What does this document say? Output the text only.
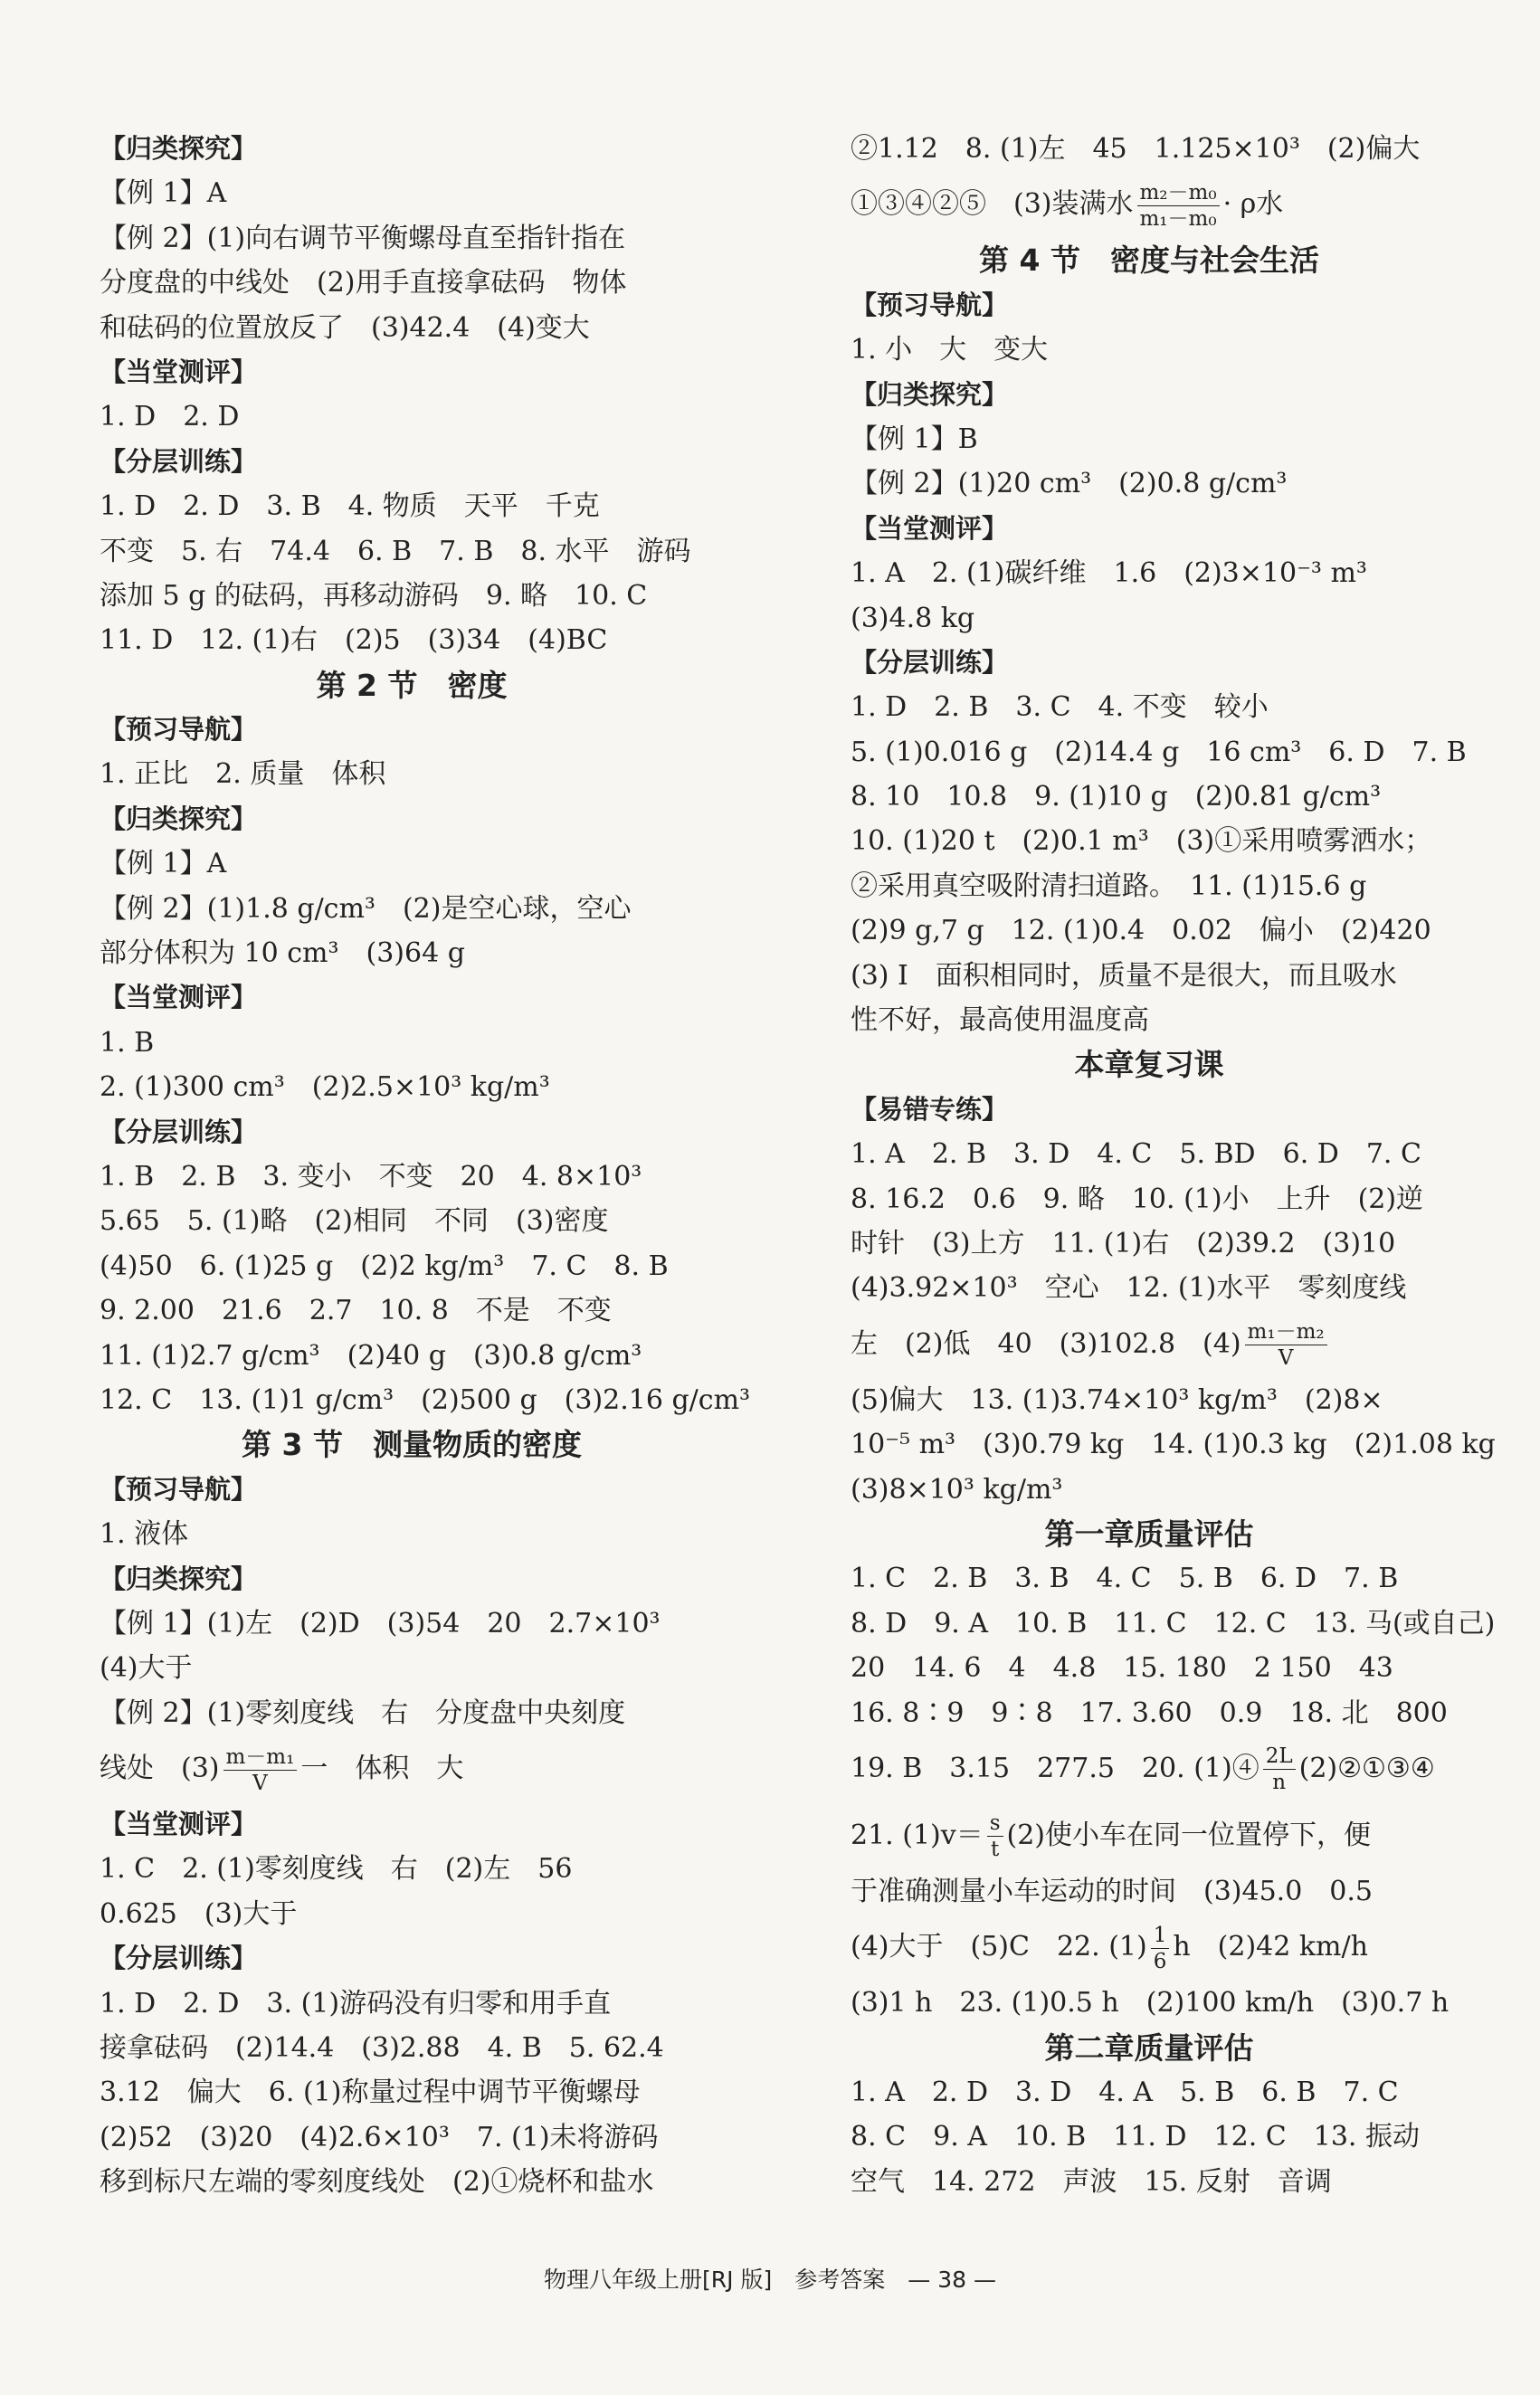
【归类探究】
【例 1】A
【例 2】(1)向右调节平衡螺母直至指针指在
分度盘的中线处　(2)用手直接拿砝码　物体
和砝码的位置放反了　(3)42.4　(4)变大
【当堂测评】
1. D　2. D
【分层训练】
1. D　2. D　3. B　4. 物质　天平　千克
不变　5. 右　74.4　6. B　7. B　8. 水平　游码
添加 5 g 的砝码，再移动游码　9. 略　10. C
11. D　12. (1)右　(2)5　(3)34　(4)BC
第 2 节　密度
【预习导航】
1. 正比　2. 质量　体积
【归类探究】
【例 1】A
【例 2】(1)1.8 g/cm³　(2)是空心球，空心
部分体积为 10 cm³　(3)64 g
【当堂测评】
1. B
2. (1)300 cm³　(2)2.5×10³ kg/m³
【分层训练】
1. B　2. B　3. 变小　不变　20　4. 8×10³
5.65　5. (1)略　(2)相同　不同　(3)密度
(4)50　6. (1)25 g　(2)2 kg/m³　7. C　8. B
9. 2.00　21.6　2.7　10. 8　不是　不变
11. (1)2.7 g/cm³　(2)40 g　(3)0.8 g/cm³
12. C　13. (1)1 g/cm³　(2)500 g　(3)2.16 g/cm³
第 3 节　测量物质的密度
【预习导航】
1. 液体
【归类探究】
【例 1】(1)左　(2)D　(3)54　20　2.7×10³
(4)大于
【例 2】(1)零刻度线　右　分度盘中央刻度
线处　$(3) \frac{\text{m－m₁}}{V}$ 一　体积　大
【当堂测评】
1. C　2. (1)零刻度线　右　(2)左　56
0.625　(3)大于
【分层训练】
1. D　2. D　3. (1)游码没有归零和用手直
接拿砝码　(2)14.4　(3)2.88　4. B　5. 62.4
3.12　偏大　6. (1)称量过程中调节平衡螺母
(2)52　(3)20　(4)2.6×10³　7. (1)未将游码
移到标尺左端的零刻度线处　(2)①烧杯和盐水
②1.12　8. (1)左　45　1.125×10³　(2)偏大
①③④②⑤　(3)装满水 $\frac{\text{m₂－m₀}}{\text{m₁－m₀}} \cdot \rho$水
第 4 节　密度与社会生活
【预习导航】
1. 小　大　变大
【归类探究】
【例 1】B
【例 2】(1)20 cm³　(2)0.8 g/cm³
【当堂测评】
1. A　2. (1)碳纤维　1.6　(2)3×10⁻³ m³
(3)4.8 kg
【分层训练】
1. D　2. B　3. C　4. 不变　较小
5. (1)0.016 g　(2)14.4 g　16 cm³　6. D　7. B
8. 10　10.8　9. (1)10 g　(2)0.81 g/cm³
10. (1)20 t　(2)0.1 m³　(3)①采用喷雾洒水；
②采用真空吸附清扫道路。　11. (1)15.6 g
(2)9 g,7 g　12. (1)0.4　0.02　偏小　(2)420
(3) Ⅰ　面积相同时，质量不是很大，而且吸水
性不好，最高使用温度高
本章复习课
【易错专练】
1. A　2. B　3. D　4. C　5. BD　6. D　7. C
8. 16.2　0.6　9. 略　10. (1)小　上升　(2)逆
时针　(3)上方　11. (1)右　(2)39.2　(3)10
(4)3.92×10³　空心　12. (1)水平　零刻度线
左　(2)低　40　(3)102.8　$(4) \frac{\text{m₁－m₂}}{V}$
(5)偏大　13. (1)3.74×10³ kg/m³　(2)8×
10⁻⁵ m³　(3)0.79 kg　14. (1)0.3 kg　(2)1.08 kg
(3)8×10³ kg/m³
第一章质量评估
1. C　2. B　3. B　4. C　5. B　6. D　7. B
8. D　9. A　10. B　11. C　12. C　13. 马(或自己)
20　14. 6　4　4.8　15. 180　2 150　43
16. 8∶9　9∶8　17. 3.60　0.9　18. 北　800
19. B　3.15　277.5　20. (1)④ $\frac{2L}{n}$ (2)②①③④
21. $(1)v= \frac{s}{t} (2)$使小车在同一位置停下，便
于准确测量小车运动的时间　(3)45.0　0.5
(4)大于　(5)C　22. $(1) \frac{1}{6}$ h　(2)42 km/h
(3)1 h　23. (1)0.5 h　(2)100 km/h　(3)0.7 h
第二章质量评估
1. A　2. D　3. D　4. A　5. B　6. B　7. C
8. C　9. A　10. B　11. D　12. C　13. 振动
空气　14. 272　声波　15. 反射　音调
物理八年级上册[RJ 版]　参考答案　— 38 —
